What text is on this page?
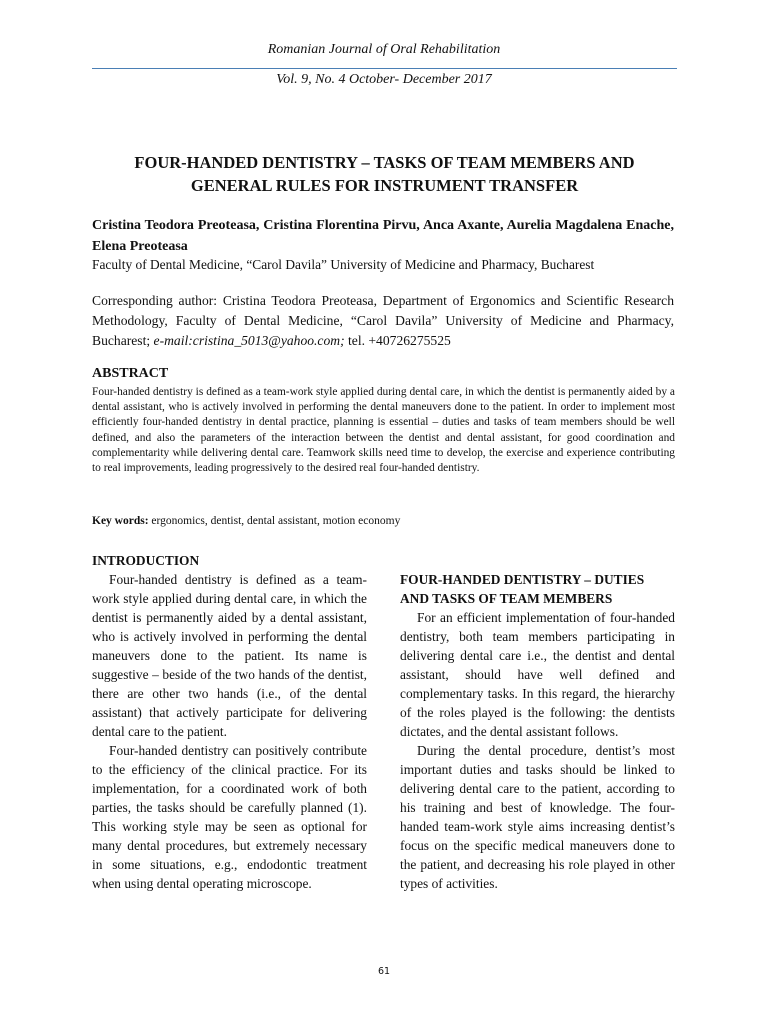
Romanian Journal of Oral Rehabilitation
Vol. 9, No. 4 October- December 2017
FOUR-HANDED DENTISTRY – TASKS OF TEAM MEMBERS AND GENERAL RULES FOR INSTRUMENT TRANSFER
Cristina Teodora Preoteasa, Cristina Florentina Pirvu, Anca Axante, Aurelia Magdalena Enache, Elena Preoteasa
Faculty of Dental Medicine, “Carol Davila” University of Medicine and Pharmacy, Bucharest
Corresponding author: Cristina Teodora Preoteasa, Department of Ergonomics and Scientific Research Methodology, Faculty of Dental Medicine, “Carol Davila” University of Medicine and Pharmacy, Bucharest; e-mail:cristina_5013@yahoo.com; tel. +40726275525
ABSTRACT
Four-handed dentistry is defined as a team-work style applied during dental care, in which the dentist is permanently aided by a dental assistant, who is actively involved in performing the dental maneuvers done to the patient. In order to implement most efficiently four-handed dentistry in dental practice, planning is essential – duties and tasks of team members should be well defined, and also the parameters of the interaction between the dentist and dental assistant, for good coordination and complementarity while delivering dental care. Teamwork skills need time to develop, the exercise and experience contributing to real improvements, leading progressively to the desired real four-handed dentistry.
Key words: ergonomics, dentist, dental assistant, motion economy

INTRODUCTION

Four-handed dentistry is defined as a team-work style applied during dental care, in which the dentist is permanently aided by a dental assistant, who is actively involved in performing the dental maneuvers done to the patient. Its name is suggestive – beside of the two hands of the dentist, there are other two hands (i.e., of the dental assistant) that actively participate for delivering dental care to the patient.

Four-handed dentistry can positively contribute to the efficiency of the clinical practice. For its implementation, for a coordinated work of both parties, the tasks should be carefully planned (1). This working style may be seen as optional for many dental procedures, but extremely necessary in some situations, e.g., endodontic treatment when using dental operating microscope.

FOUR-HANDED DENTISTRY – DUTIES AND TASKS OF TEAM MEMBERS

For an efficient implementation of four-handed dentistry, both team members participating in delivering dental care i.e., the dentist and dental assistant, should have well defined and complementary tasks. In this regard, the hierarchy of the roles played is the following: the dentists dictates, and the dental assistant follows.

During the dental procedure, dentist’s most important duties and tasks should be linked to delivering dental care to the patient, according to his training and best of knowledge. The four-handed team-work style aims increasing dentist’s focus on the specific medical maneuvers done to the patient, and decreasing his role played in other types of activities.

61
